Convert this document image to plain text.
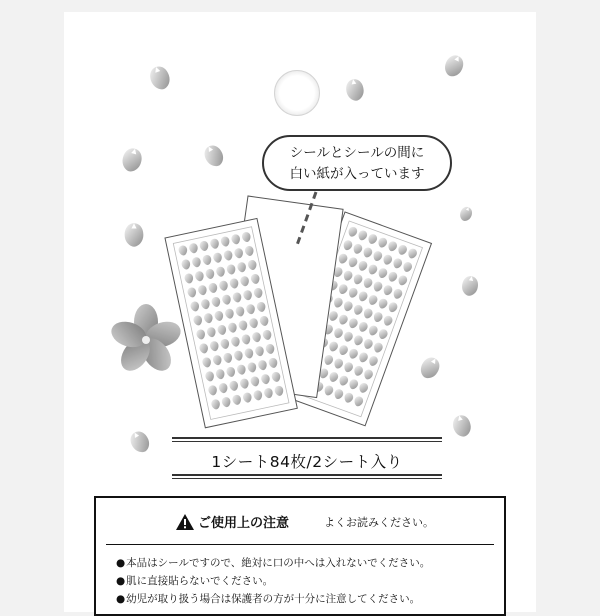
シールとシールの間に
白い紙が入っています
1シート84枚/2シート入り
ご使用上の注意	よくお読みください。
● 本品はシールですので、絶対に口の中へは入れないでください。
● 肌に直接貼らないでください。
● 幼児が取り扱う場合は保護者の方が十分に注意してください。
